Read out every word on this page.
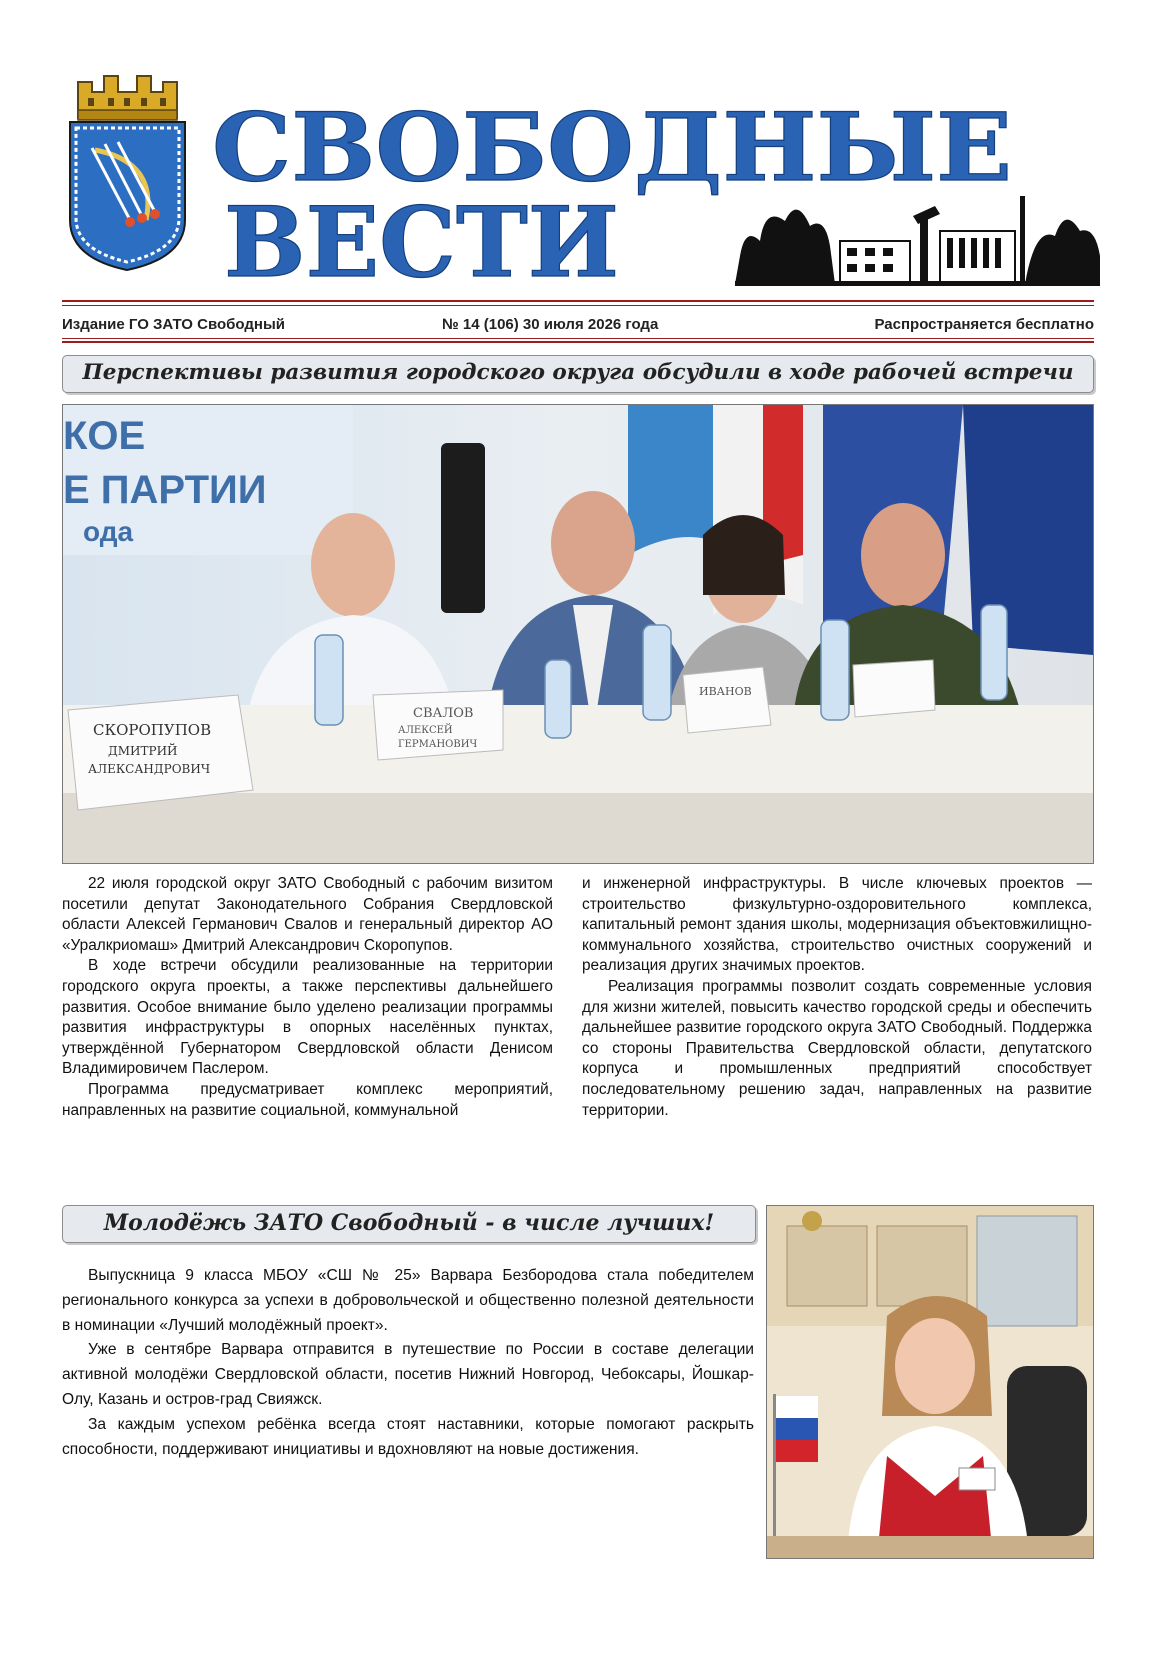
СВОБОДНЫЕ
ВЕСТИ
Издание ГО ЗАТО Свободный	№ 14 (106) 30 июля 2026 года	Распространяется бесплатно
Перспективы развития городского округа обсудили в ходе рабочей встречи
КОЕ
Е ПАРТИИ
ода
СКОРОПУПОВ
ДМИТРИЙ
АЛЕКСАНДРОВИЧ
СВАЛОВ
АЛЕКСЕЙ
ГЕРМАНОВИЧ
ИВАНОВ

22 июля городской округ ЗАТО Свободный с рабочим визитом посетили депутат Законодательного Собрания Свердловской области Алексей Германович Свалов и генеральный директор АО «Уралкриомаш» Дмитрий Александрович Скоропупов.

В ходе встречи обсудили реализованные на территории городского округа проекты, а также перспективы дальнейшего развития. Особое внимание было уделено реализации программы развития инфраструктуры в опорных населённых пунктах, утверждённой Губернатором Свердловской области Денисом Владимировичем Паслером.

Программа предусматривает комплекс мероприятий, направленных на развитие социальной, коммунальной

и инженерной инфраструктуры. В числе ключевых проектов — строительство физкультурно-оздоровительного комплекса, капитальный ремонт здания школы, модернизация объектовжилищно-коммунального хозяйства, строительство очистных сооружений и реализация других значимых проектов.

Реализация программы позволит создать современные условия для жизни жителей, повысить качество городской среды и обеспечить дальнейшее развитие городского округа ЗАТО Свободный. Поддержка со стороны Правительства Свердловской области, депутатского корпуса и промышленных предприятий способствует последовательному решению задач, направленных на развитие территории.

Молодёжь ЗАТО Свободный - в числе лучших!

Выпускница 9 класса МБОУ «СШ № 25» Варвара Безбородова стала победителем регионального конкурса за успехи в добровольческой и общественно полезной деятельности в номинации «Лучший молодёжный проект».

Уже в сентябре Варвара отправится в путешествие по России в составе делегации активной молодёжи Свердловской области, посетив Нижний Новгород, Чебоксары, Йошкар-Олу, Казань и остров-град Свияжск.

За каждым успехом ребёнка всегда стоят наставники, которые помогают раскрыть способности, поддерживают инициативы и вдохновляют на новые достижения.
